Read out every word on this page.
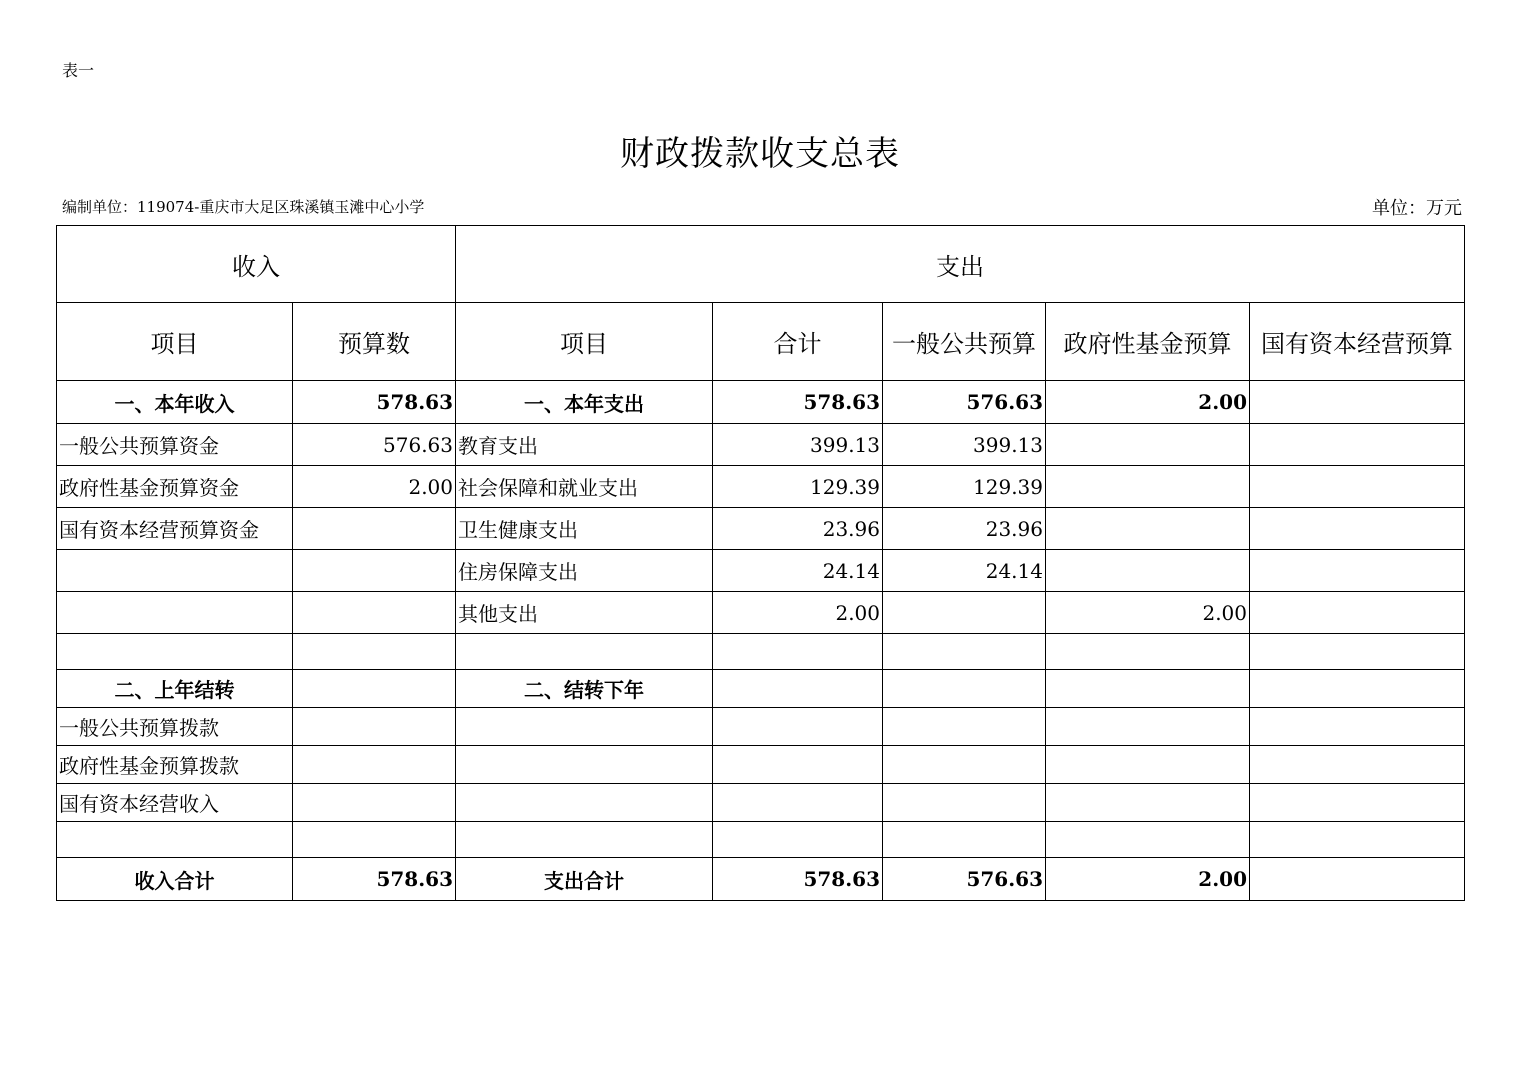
表一
财政拨款收支总表
编制单位：119074-重庆市大足区珠溪镇玉滩中心小学	单位：万元
收入		支出				
项目	预算数	项目	合计	一般公共预算	政府性基金预算	国有资本经营预算
一、本年收入	578.63	一、本年支出	578.63	576.63	2.00	
一般公共预算资金	576.63	教育支出	399.13	399.13		
政府性基金预算资金	2.00	社会保障和就业支出	129.39	129.39		
国有资本经营预算资金		卫生健康支出	23.96	23.96		
		住房保障支出	24.14	24.14		
		其他支出	2.00		2.00	

二、上年结转		二、结转下年				
一般公共预算拨款						
政府性基金预算拨款						
国有资本经营收入						

收入合计	578.63	支出合计	578.63	576.63	2.00	
